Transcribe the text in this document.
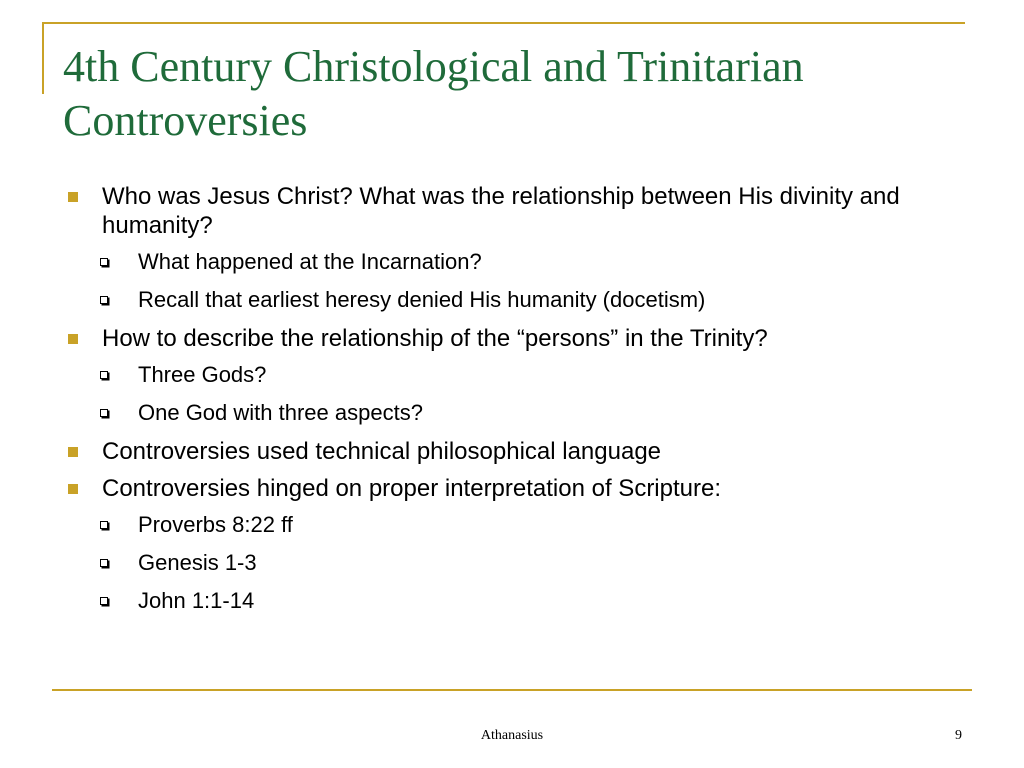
4th Century Christological and Trinitarian
Controversies
Who was Jesus Christ? What was the relationship between His divinity and humanity?
What happened at the Incarnation?
Recall that earliest heresy denied His humanity (docetism)
How to describe the relationship of the “persons” in the Trinity?
Three Gods?
One God with three aspects?
Controversies used technical philosophical language
Controversies hinged on proper interpretation of Scripture:
Proverbs 8:22 ff
Genesis 1-3
John 1:1-14
Athanasius	9
